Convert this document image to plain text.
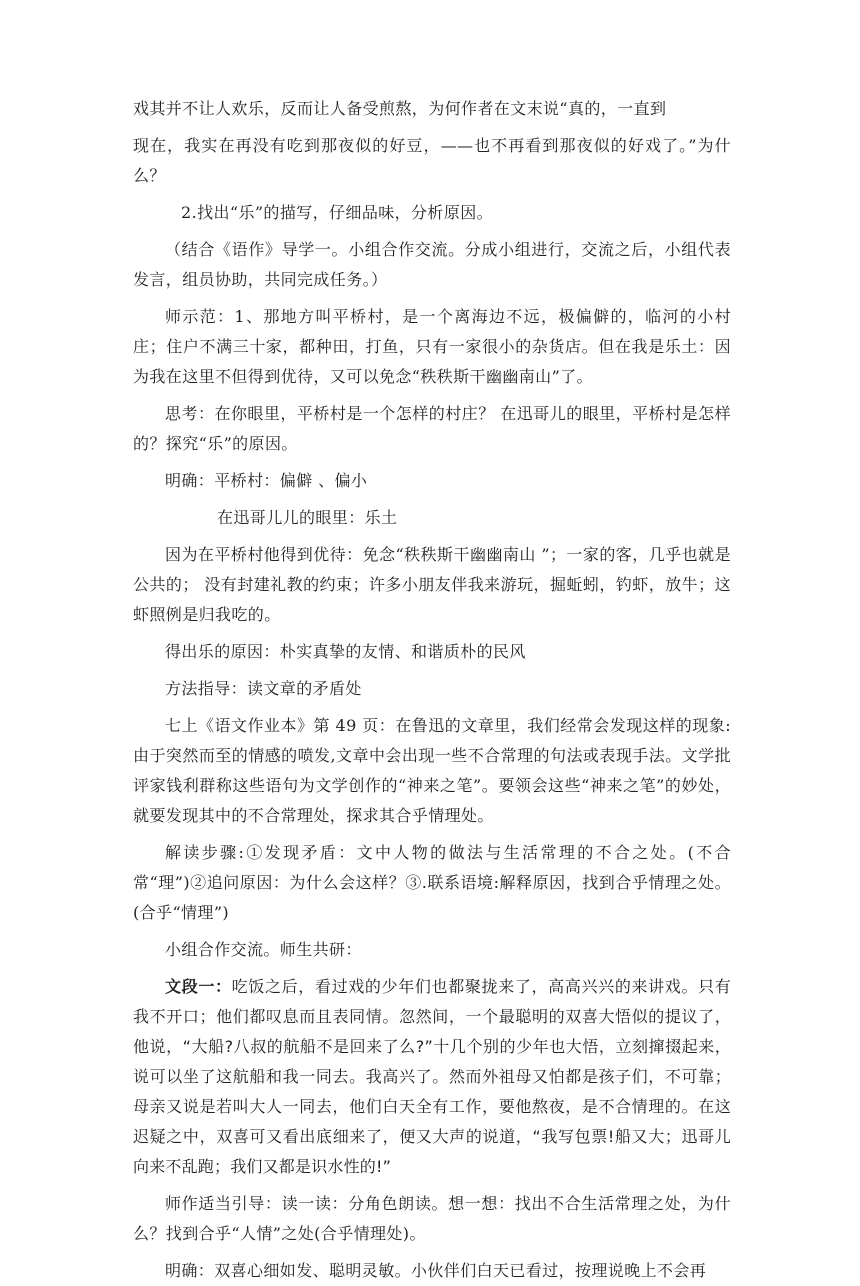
戏其并不让人欢乐，反而让人备受煎熬，为何作者在文末说“真的，一直到

现在，我实在再没有吃到那夜似的好豆，——也不再看到那夜似的好戏了。”为什么？

2.找出“乐”的描写，仔细品味，分析原因。

（结合《语作》导学一。小组合作交流。分成小组进行，交流之后，小组代表发言，组员协助，共同完成任务。）

师示范：1、那地方叫平桥村，是一个离海边不远，极偏僻的，临河的小村庄；住户不满三十家，都种田，打鱼，只有一家很小的杂货店。但在我是乐土：因为我在这里不但得到优待，又可以免念“秩秩斯干幽幽南山”了。

思考：在你眼里，平桥村是一个怎样的村庄？ 在迅哥儿的眼里，平桥村是怎样的？探究“乐”的原因。

明确：平桥村：偏僻 、偏小

在迅哥儿儿的眼里：乐土

因为在平桥村他得到优待：免念“秩秩斯干幽幽南山 ”；一家的客，几乎也就是公共的； 没有封建礼教的约束；许多小朋友伴我来游玩，掘蚯蚓，钓虾，放牛；这虾照例是归我吃的。

得出乐的原因：朴实真挚的友情、和谐质朴的民风

方法指导：读文章的矛盾处

七上《语文作业本》第 49 页：在鲁迅的文章里，我们经常会发现这样的现象:由于突然而至的情感的喷发,文章中会出现一些不合常理的句法或表现手法。文学批评家钱利群称这些语句为文学创作的“神来之笔”。要领会这些“神来之笔”的妙处，就要发现其中的不合常理处，探求其合乎情理处。

解读步骤:①发现矛盾：文中人物的做法与生活常理的不合之处。(不合常“理”)②追问原因：为什么会这样？③.联系语境:解释原因，找到合乎情理之处。(合乎“情理”)

小组合作交流。师生共研：

文段一：吃饭之后，看过戏的少年们也都聚拢来了，高高兴兴的来讲戏。只有我不开口；他们都叹息而且表同情。忽然间，一个最聪明的双喜大悟似的提议了，他说，“大船?八叔的航船不是回来了么?”十几个别的少年也大悟，立刻撺掇起来，说可以坐了这航船和我一同去。我高兴了。然而外祖母又怕都是孩子们，不可靠；母亲又说是若叫大人一同去，他们白天全有工作，要他熬夜，是不合情理的。在这迟疑之中，双喜可又看出底细来了，便又大声的说道，“我写包票!船又大；迅哥儿向来不乱跑；我们又都是识水性的!”

师作适当引导：读一读：分角色朗读。想一想：找出不合生活常理之处，为什么？找到合乎“人情”之处(合乎情理处)。

明确：双喜心细如发、聪明灵敏。小伙伴们白天已看过，按理说晚上不会再
